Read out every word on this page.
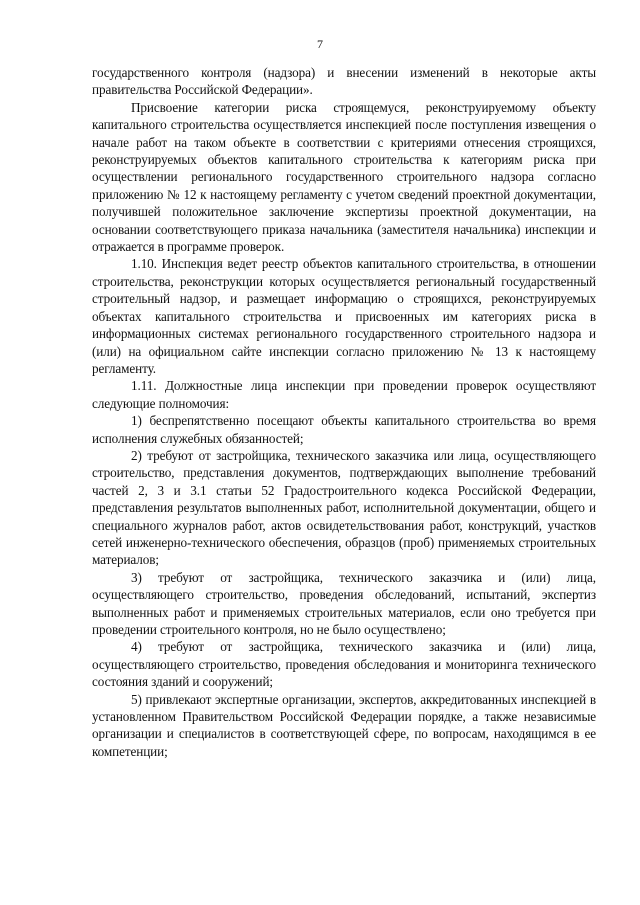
7

государственного контроля (надзора) и внесении изменений в некоторые акты правительства Российской Федерации».

Присвоение категории риска строящемуся, реконструируемому объекту капитального строительства осуществляется инспекцией после поступления извещения о начале работ на таком объекте в соответствии с критериями отнесения строящихся, реконструируемых объектов капитального строительства к категориям риска при осуществлении регионального государственного строительного надзора согласно приложению № 12 к настоящему регламенту с учетом сведений проектной документации, получившей положительное заключение экспертизы проектной документации, на основании соответствующего приказа начальника (заместителя начальника) инспекции и отражается в программе проверок.

1.10. Инспекция ведет реестр объектов капитального строительства, в отношении строительства, реконструкции которых осуществляется региональный государственный строительный надзор, и размещает информацию о строящихся, реконструируемых объектах капитального строительства и присвоенных им категориях риска в информационных системах регионального государственного строительного надзора и (или) на официальном сайте инспекции согласно приложению № 13 к настоящему регламенту.

1.11. Должностные лица инспекции при проведении проверок осуществляют следующие полномочия:

1) беспрепятственно посещают объекты капитального строительства во время исполнения служебных обязанностей;

2) требуют от застройщика, технического заказчика или лица, осуществляющего строительство, представления документов, подтверждающих выполнение требований частей 2, 3 и 3.1 статьи 52 Градостроительного кодекса Российской Федерации, представления результатов выполненных работ, исполнительной документации, общего и специального журналов работ, актов освидетельствования работ, конструкций, участков сетей инженерно-технического обеспечения, образцов (проб) применяемых строительных материалов;

3) требуют от застройщика, технического заказчика и (или) лица, осуществляющего строительство, проведения обследований, испытаний, экспертиз выполненных работ и применяемых строительных материалов, если оно требуется при проведении строительного контроля, но не было осуществлено;

4) требуют от застройщика, технического заказчика и (или) лица, осуществляющего строительство, проведения обследования и мониторинга технического состояния зданий и сооружений;

5) привлекают экспертные организации, экспертов, аккредитованных инспекцией в установленном Правительством Российской Федерации порядке, а также независимые организации и специалистов в соответствующей сфере, по вопросам, находящимся в ее компетенции;
